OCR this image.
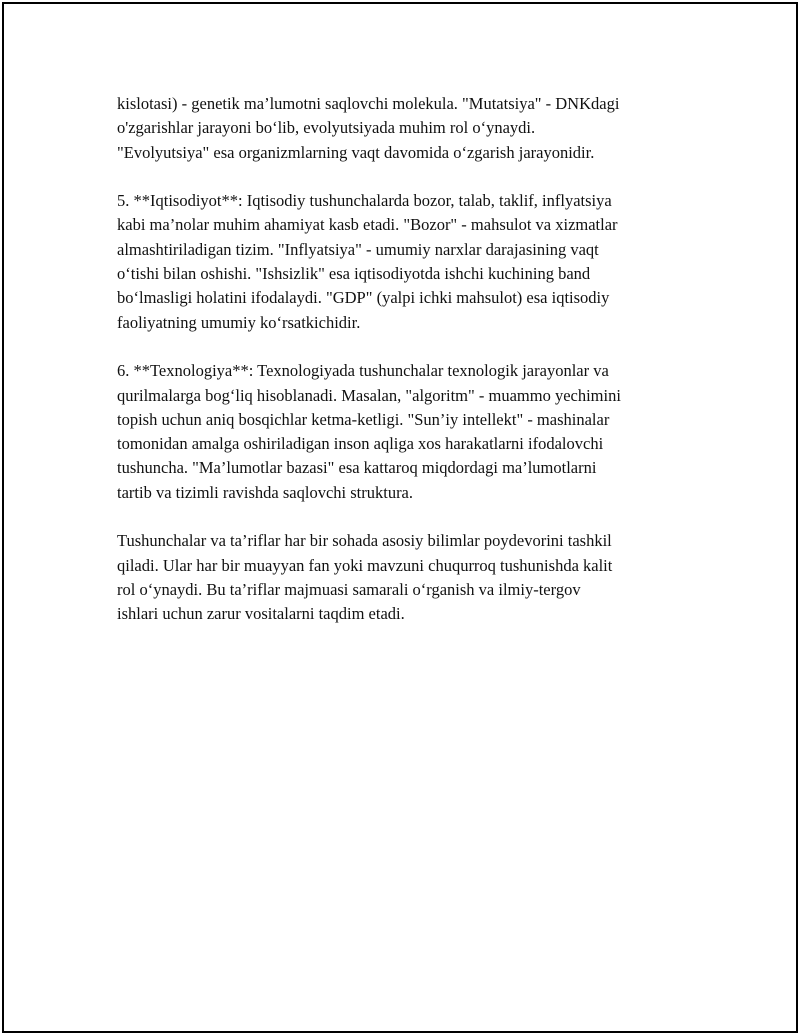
kislotasi) - genetik ma’lumotni saqlovchi molekula. "Mutatsiya" - DNKdagi
o'zgarishlar jarayoni bo‘lib, evolyutsiyada muhim rol o‘ynaydi.
"Evolyutsiya" esa organizmlarning vaqt davomida o‘zgarish jarayonidir.

5. **Iqtisodiyot**: Iqtisodiy tushunchalarda bozor, talab, taklif, inflyatsiya
kabi ma’nolar muhim ahamiyat kasb etadi. "Bozor" - mahsulot va xizmatlar
almashtiriladigan tizim. "Inflyatsiya" - umumiy narxlar darajasining vaqt
o‘tishi bilan oshishi. "Ishsizlik" esa iqtisodiyotda ishchi kuchining band
bo‘lmasligi holatini ifodalaydi. "GDP" (yalpi ichki mahsulot) esa iqtisodiy
faoliyatning umumiy ko‘rsatkichidir.

6. **Texnologiya**: Texnologiyada tushunchalar texnologik jarayonlar va
qurilmalarga bog‘liq hisoblanadi. Masalan, "algoritm" - muammo yechimini
topish uchun aniq bosqichlar ketma-ketligi. "Sun’iy intellekt" - mashinalar
tomonidan amalga oshiriladigan inson aqliga xos harakatlarni ifodalovchi
tushuncha. "Ma’lumotlar bazasi" esa kattaroq miqdordagi ma’lumotlarni
tartib va tizimli ravishda saqlovchi struktura.

Tushunchalar va ta’riflar har bir sohada asosiy bilimlar poydevorini tashkil
qiladi. Ular har bir muayyan fan yoki mavzuni chuqurroq tushunishda kalit
rol o‘ynaydi. Bu ta’riflar majmuasi samarali o‘rganish va ilmiy-tergov
ishlari uchun zarur vositalarni taqdim etadi.
